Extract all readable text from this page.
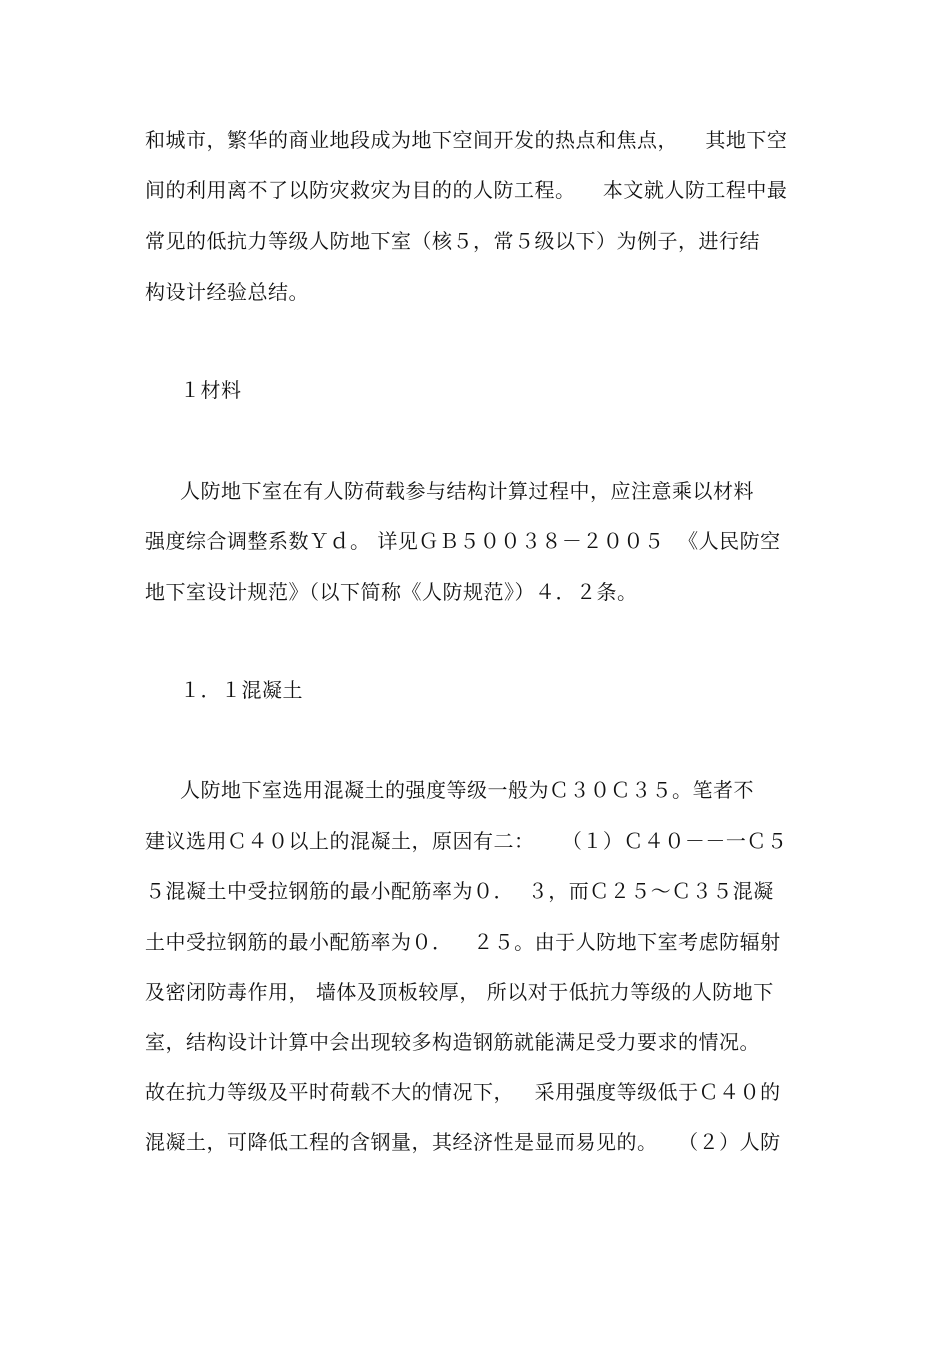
和城市，繁华的商业地段成为地下空间开发的热点和焦点，    其地下空
间的利用离不了以防灾救灾为目的的人防工程。    本文就人防工程中最
常见的低抗力等级人防地下室（核５，常５级以下）为例子，进行结
构设计经验总结。
１材料
人防地下室在有人防荷载参与结构计算过程中，应注意乘以材料
强度综合调整系数Ｙｄ。 详见ＧＢ５００３８－２００５  《人民防空
地下室设计规范》（以下简称《人防规范》）４．２条。
１．１混凝土
人防地下室选用混凝土的强度等级一般为Ｃ３０Ｃ３５。笔者不
建议选用Ｃ４０以上的混凝土，原因有二：    （１）Ｃ４０－－一Ｃ５
５混凝土中受拉钢筋的最小配筋率为０．  ３，而Ｃ２５～Ｃ３５混凝
土中受拉钢筋的最小配筋率为０．   ２５。由于人防地下室考虑防辐射
及密闭防毒作用， 墙体及顶板较厚， 所以对于低抗力等级的人防地下
室，结构设计计算中会出现较多构造钢筋就能满足受力要求的情况。
故在抗力等级及平时荷载不大的情况下，   采用强度等级低于Ｃ４０的
混凝土，可降低工程的含钢量，其经济性是显而易见的。   （２）人防
